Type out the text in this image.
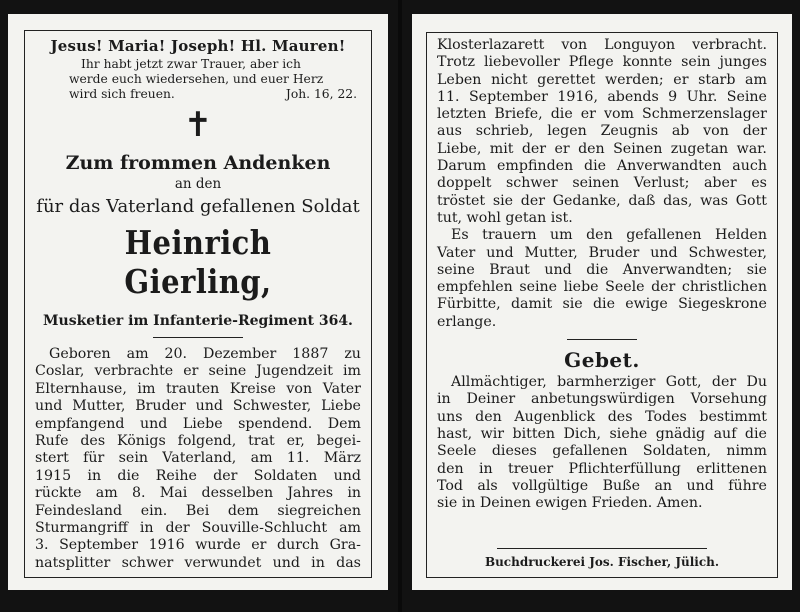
Jesus! Maria! Joseph! Hl. Mauren!
Ihr habt jetzt zwar Trauer, aber ich
werde euch wiedersehen, und euer Herz
wird sich freuen.	Joh. 16, 22.
✝
Zum frommen Andenken
an den
für das Vaterland gefallenen Soldat
Heinrich Gierling,
Musketier im Infanterie-Regiment 364.
Geboren am 20. Dezember 1887 zu
Coslar, verbrachte er seine Jugendzeit im
Elternhause, im trauten Kreise von Vater
und Mutter, Bruder und Schwester, Liebe
empfangend und Liebe spendend. Dem
Rufe des Königs folgend, trat er, begei-
stert für sein Vaterland, am 11. März
1915 in die Reihe der Soldaten und
rückte am 8. Mai desselben Jahres in
Feindesland ein. Bei dem siegreichen
Sturmangriff in der Souville-Schlucht am
3. September 1916 wurde er durch Gra-
natsplitter schwer verwundet und in das
Klosterlazarett von Longuyon verbracht.
Trotz liebevoller Pflege konnte sein junges
Leben nicht gerettet werden; er starb am
11. September 1916, abends 9 Uhr. Seine
letzten Briefe, die er vom Schmerzenslager
aus schrieb, legen Zeugnis ab von der
Liebe, mit der er den Seinen zugetan war.
Darum empfinden die Anverwandten auch
doppelt schwer seinen Verlust; aber es
tröstet sie der Gedanke, daß das, was Gott
tut, wohl getan ist.
Es trauern um den gefallenen Helden
Vater und Mutter, Bruder und Schwester,
seine Braut und die Anverwandten; sie
empfehlen seine liebe Seele der christlichen
Fürbitte, damit sie die ewige Siegeskrone
erlange.
Gebet.
Allmächtiger, barmherziger Gott, der Du
in Deiner anbetungswürdigen Vorsehung
uns den Augenblick des Todes bestimmt
hast, wir bitten Dich, siehe gnädig auf die
Seele dieses gefallenen Soldaten, nimm
den in treuer Pflichterfüllung erlittenen
Tod als vollgültige Buße an und führe
sie in Deinen ewigen Frieden. Amen.
Buchdruckerei Jos. Fischer, Jülich.
